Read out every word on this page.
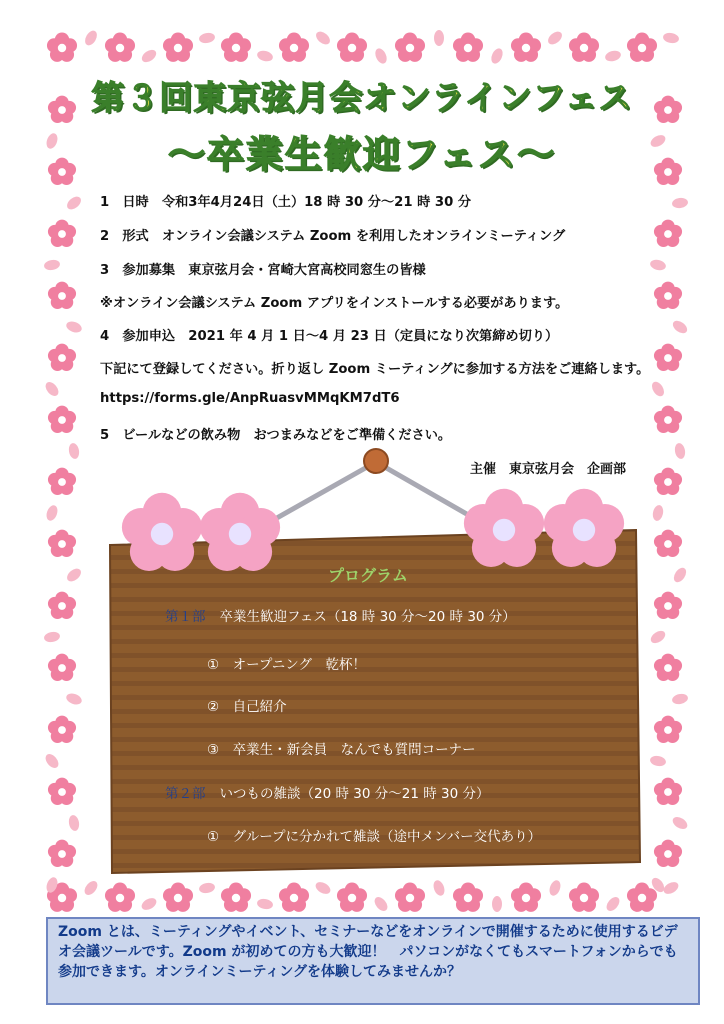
第３回東京弦月会オンラインフェス
～卒業生歓迎フェス～
1　日時　令和3年4月24日（土）18 時 30 分～21 時 30 分
2　形式　オンライン会議システム Zoom を利用したオンラインミーティング
3　参加募集　東京弦月会・宮崎大宮高校同窓生の皆様
※オンライン会議システム Zoom アプリをインストールする必要があります。
4　参加申込　2021 年 4 月 1 日～4 月 23 日（定員になり次第締め切り）
下記にて登録してください。折り返し Zoom ミーティングに参加する方法をご連絡します。
https://forms.gle/AnpRuasvMMqKM7dT6
5　ビールなどの飲み物　おつまみなどをご準備ください。
主催　東京弦月会　企画部
プログラム
第１部 卒業生歓迎フェス（18 時 30 分～20 時 30 分）
①　オープニング　乾杯！
②　自己紹介
③　卒業生・新会員　なんでも質問コーナー
第２部 いつもの雑談（20 時 30 分～21 時 30 分）
①　グループに分かれて雑談（途中メンバー交代あり）
Zoom とは、ミーティングやイベント、セミナーなどをオンラインで開催するために使用するビデオ会議ツールです。Zoom が初めての方も大歓迎！　パソコンがなくてもスマートフォンからでも参加できます。オンラインミーティングを体験してみませんか？
